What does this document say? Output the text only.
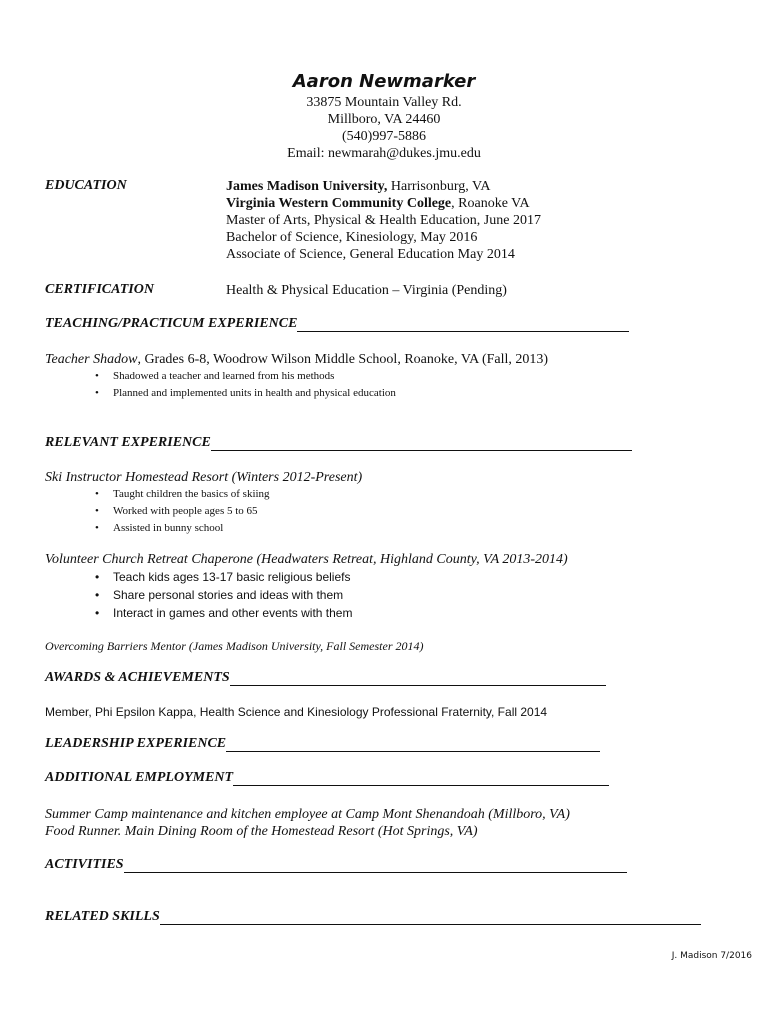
Aaron Newmarker
33875 Mountain Valley Rd.
Millboro, VA 24460
(540)997-5886
Email: newmarah@dukes.jmu.edu
EDUCATION	James Madison University, Harrisonburg, VA
Virginia Western Community College, Roanoke VA
Master of Arts, Physical & Health Education, June 2017
Bachelor of Science, Kinesiology, May 2016
Associate of Science, General Education May 2014
CERTIFICATION	Health & Physical Education – Virginia (Pending)
TEACHING/PRACTICUM EXPERIENCE
Teacher Shadow, Grades 6-8, Woodrow Wilson Middle School, Roanoke, VA (Fall, 2013)
• Shadowed a teacher and learned from his methods
• Planned and implemented units in health and physical education
RELEVANT EXPERIENCE
Ski Instructor Homestead Resort (Winters 2012-Present)
• Taught children the basics of skiing
• Worked with people ages 5 to 65
• Assisted in bunny school
Volunteer Church Retreat Chaperone (Headwaters Retreat, Highland County, VA 2013-2014)
• Teach kids ages 13-17 basic religious beliefs
• Share personal stories and ideas with them
• Interact in games and other events with them
Overcoming Barriers Mentor (James Madison University, Fall Semester 2014)
AWARDS & ACHIEVEMENTS
Member, Phi Epsilon Kappa, Health Science and Kinesiology Professional Fraternity, Fall 2014
LEADERSHIP EXPERIENCE
ADDITIONAL EMPLOYMENT
Summer Camp maintenance and kitchen employee at Camp Mont Shenandoah (Millboro, VA)
Food Runner. Main Dining Room of the Homestead Resort (Hot Springs, VA)
ACTIVITIES
RELATED SKILLS
J. Madison 7/2016
